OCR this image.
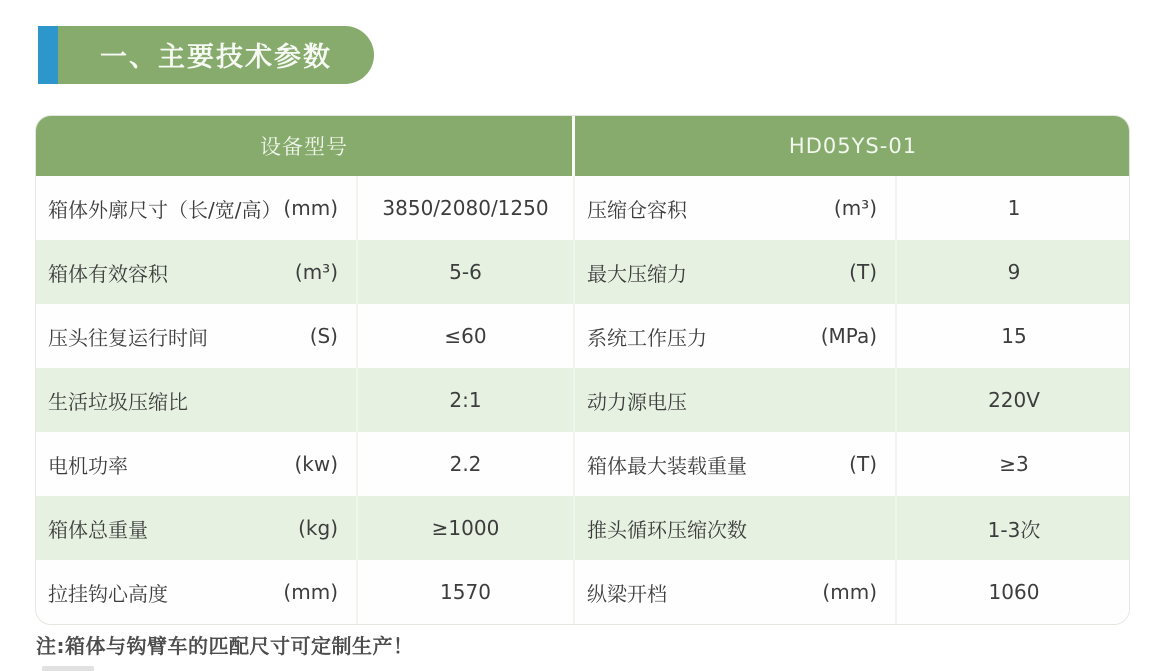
一、主要技术参数
设备型号	HD05YS-01
箱体外廓尺寸（长/宽/高） (mm)	3850/2080/1250	压缩仓容积	(m³)	1
箱体有效容积	(m³)	5-6	最大压缩力	(T)	9
压头往复运行时间	(S)	≤60	系统工作压力	(MPa)	15
生活垃圾压缩比	2:1	动力源电压	220V
电机功率	(kw)	2.2	箱体最大装载重量	(T)	≥3
箱体总重量	(kg)	≥1000	推头循环压缩次数	1-3次
拉挂钩心高度	(mm)	1570	纵梁开档	(mm)	1060
注:箱体与钩臂车的匹配尺寸可定制生产！
